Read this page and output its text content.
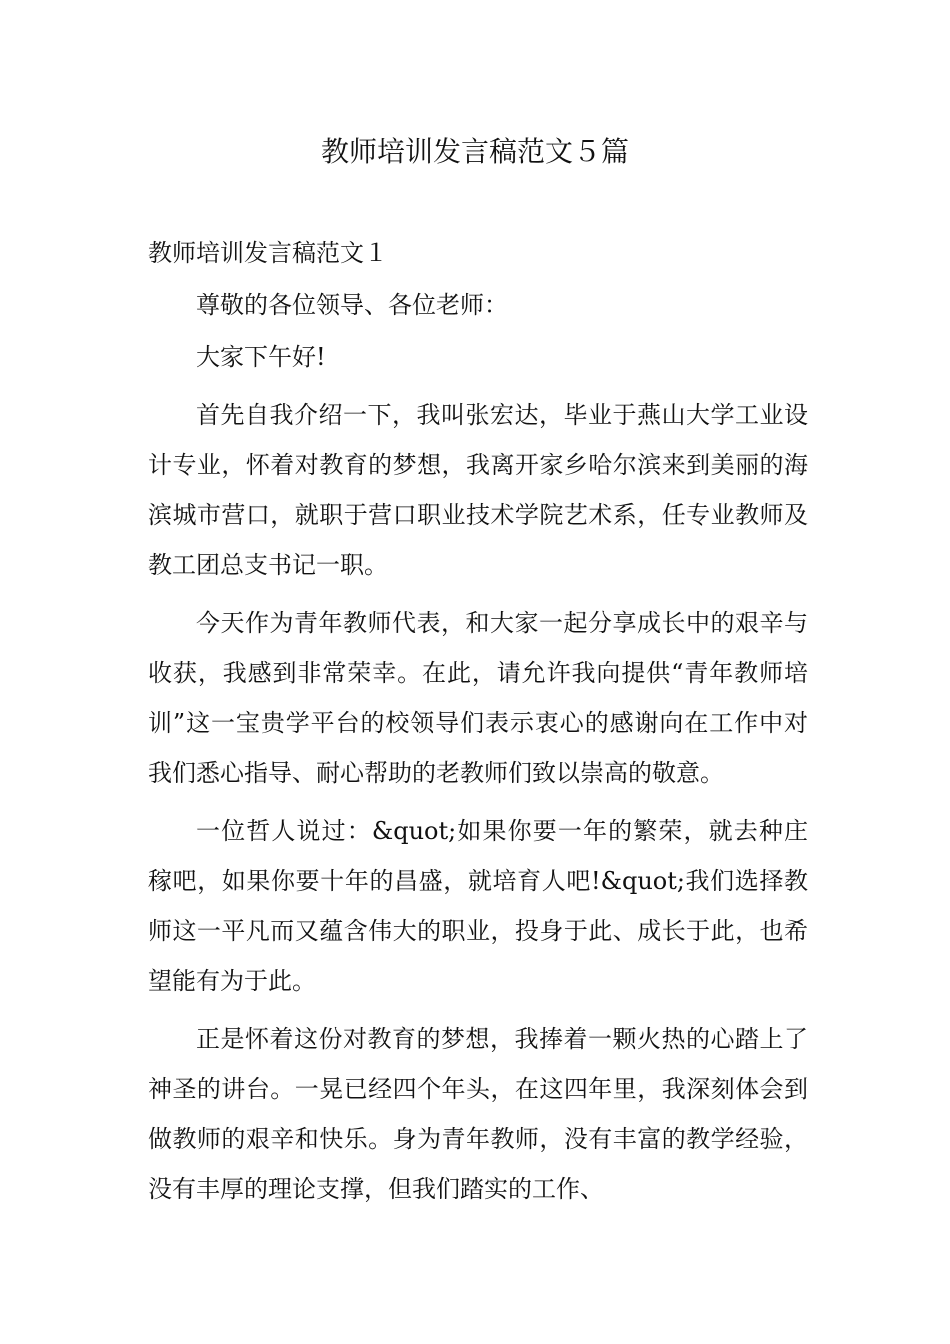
教师培训发言稿范文５篇

教师培训发言稿范文１

尊敬的各位领导、各位老师：

大家下午好!

首先自我介绍一下，我叫张宏达，毕业于燕山大学工业设计专业，怀着对教育的梦想，我离开家乡哈尔滨来到美丽的海滨城市营口，就职于营口职业技术学院艺术系，任专业教师及教工团总支书记一职。

今天作为青年教师代表，和大家一起分享成长中的艰辛与收获，我感到非常荣幸。在此，请允许我向提供“青年教师培训”这一宝贵学平台的校领导们表示衷心的感谢向在工作中对我们悉心指导、耐心帮助的老教师们致以崇高的敬意。

一位哲人说过：&quot;如果你要一年的繁荣，就去种庄稼吧，如果你要十年的昌盛，就培育人吧!&quot;我们选择教师这一平凡而又蕴含伟大的职业，投身于此、成长于此，也希望能有为于此。

正是怀着这份对教育的梦想，我捧着一颗火热的心踏上了神圣的讲台。一晃已经四个年头，在这四年里，我深刻体会到做教师的艰辛和快乐。身为青年教师，没有丰富的教学经验，没有丰厚的理论支撑，但我们踏实的工作、
